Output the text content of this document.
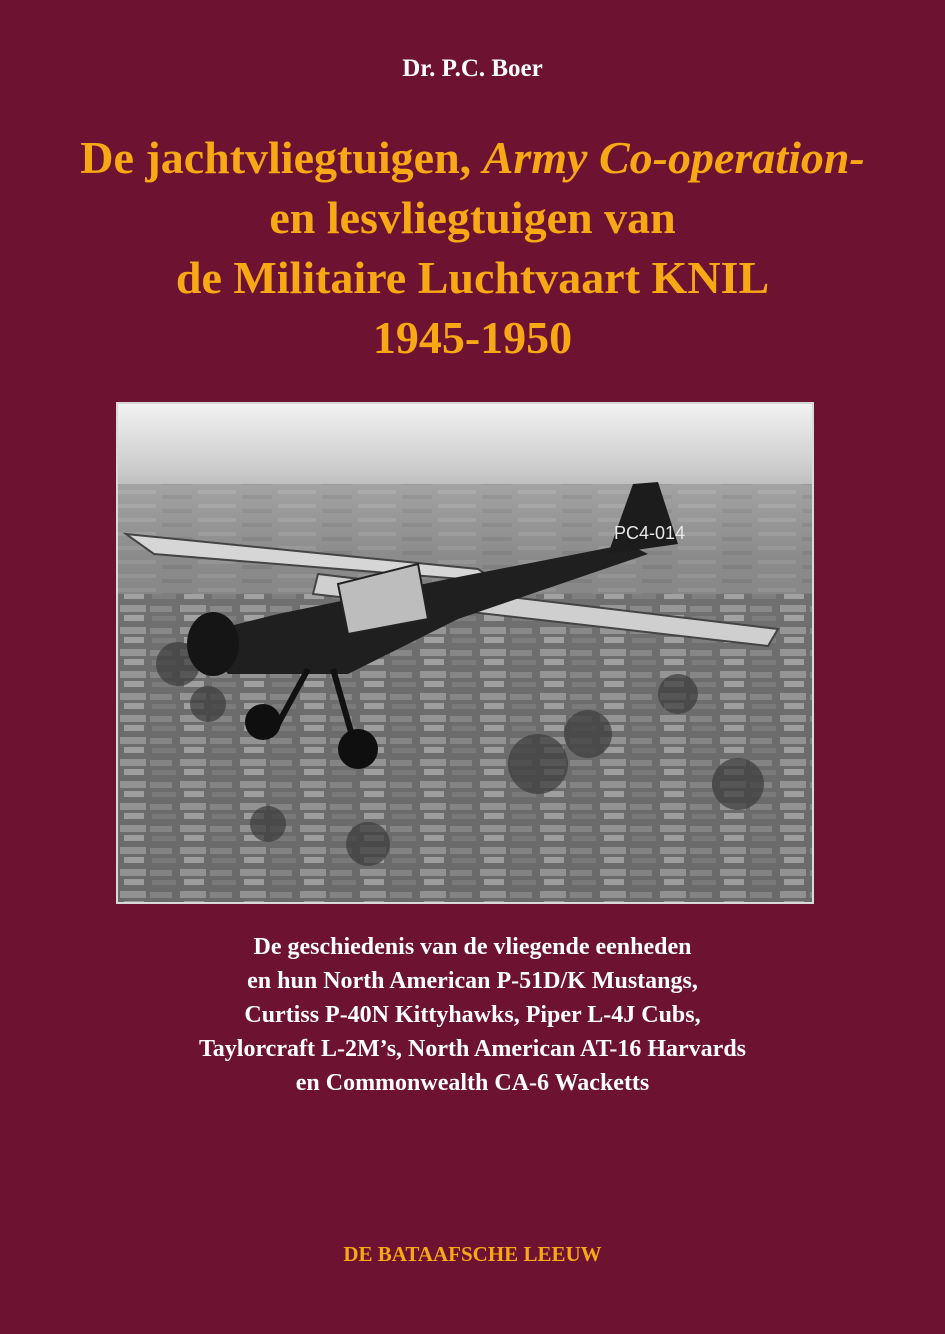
Dr. P.C. Boer
De jachtvliegtuigen, Army Co-operation-
en lesvliegtuigen van
de Militaire Luchtvaart KNIL
1945-1950
PC4-014
De geschiedenis van de vliegende eenheden
en hun North American P-51D/K Mustangs,
Curtiss P-40N Kittyhawks, Piper L-4J Cubs,
Taylorcraft L-2M’s, North American AT-16 Harvards
en Commonwealth CA-6 Wacketts
DE BATAAFSCHE LEEUW
